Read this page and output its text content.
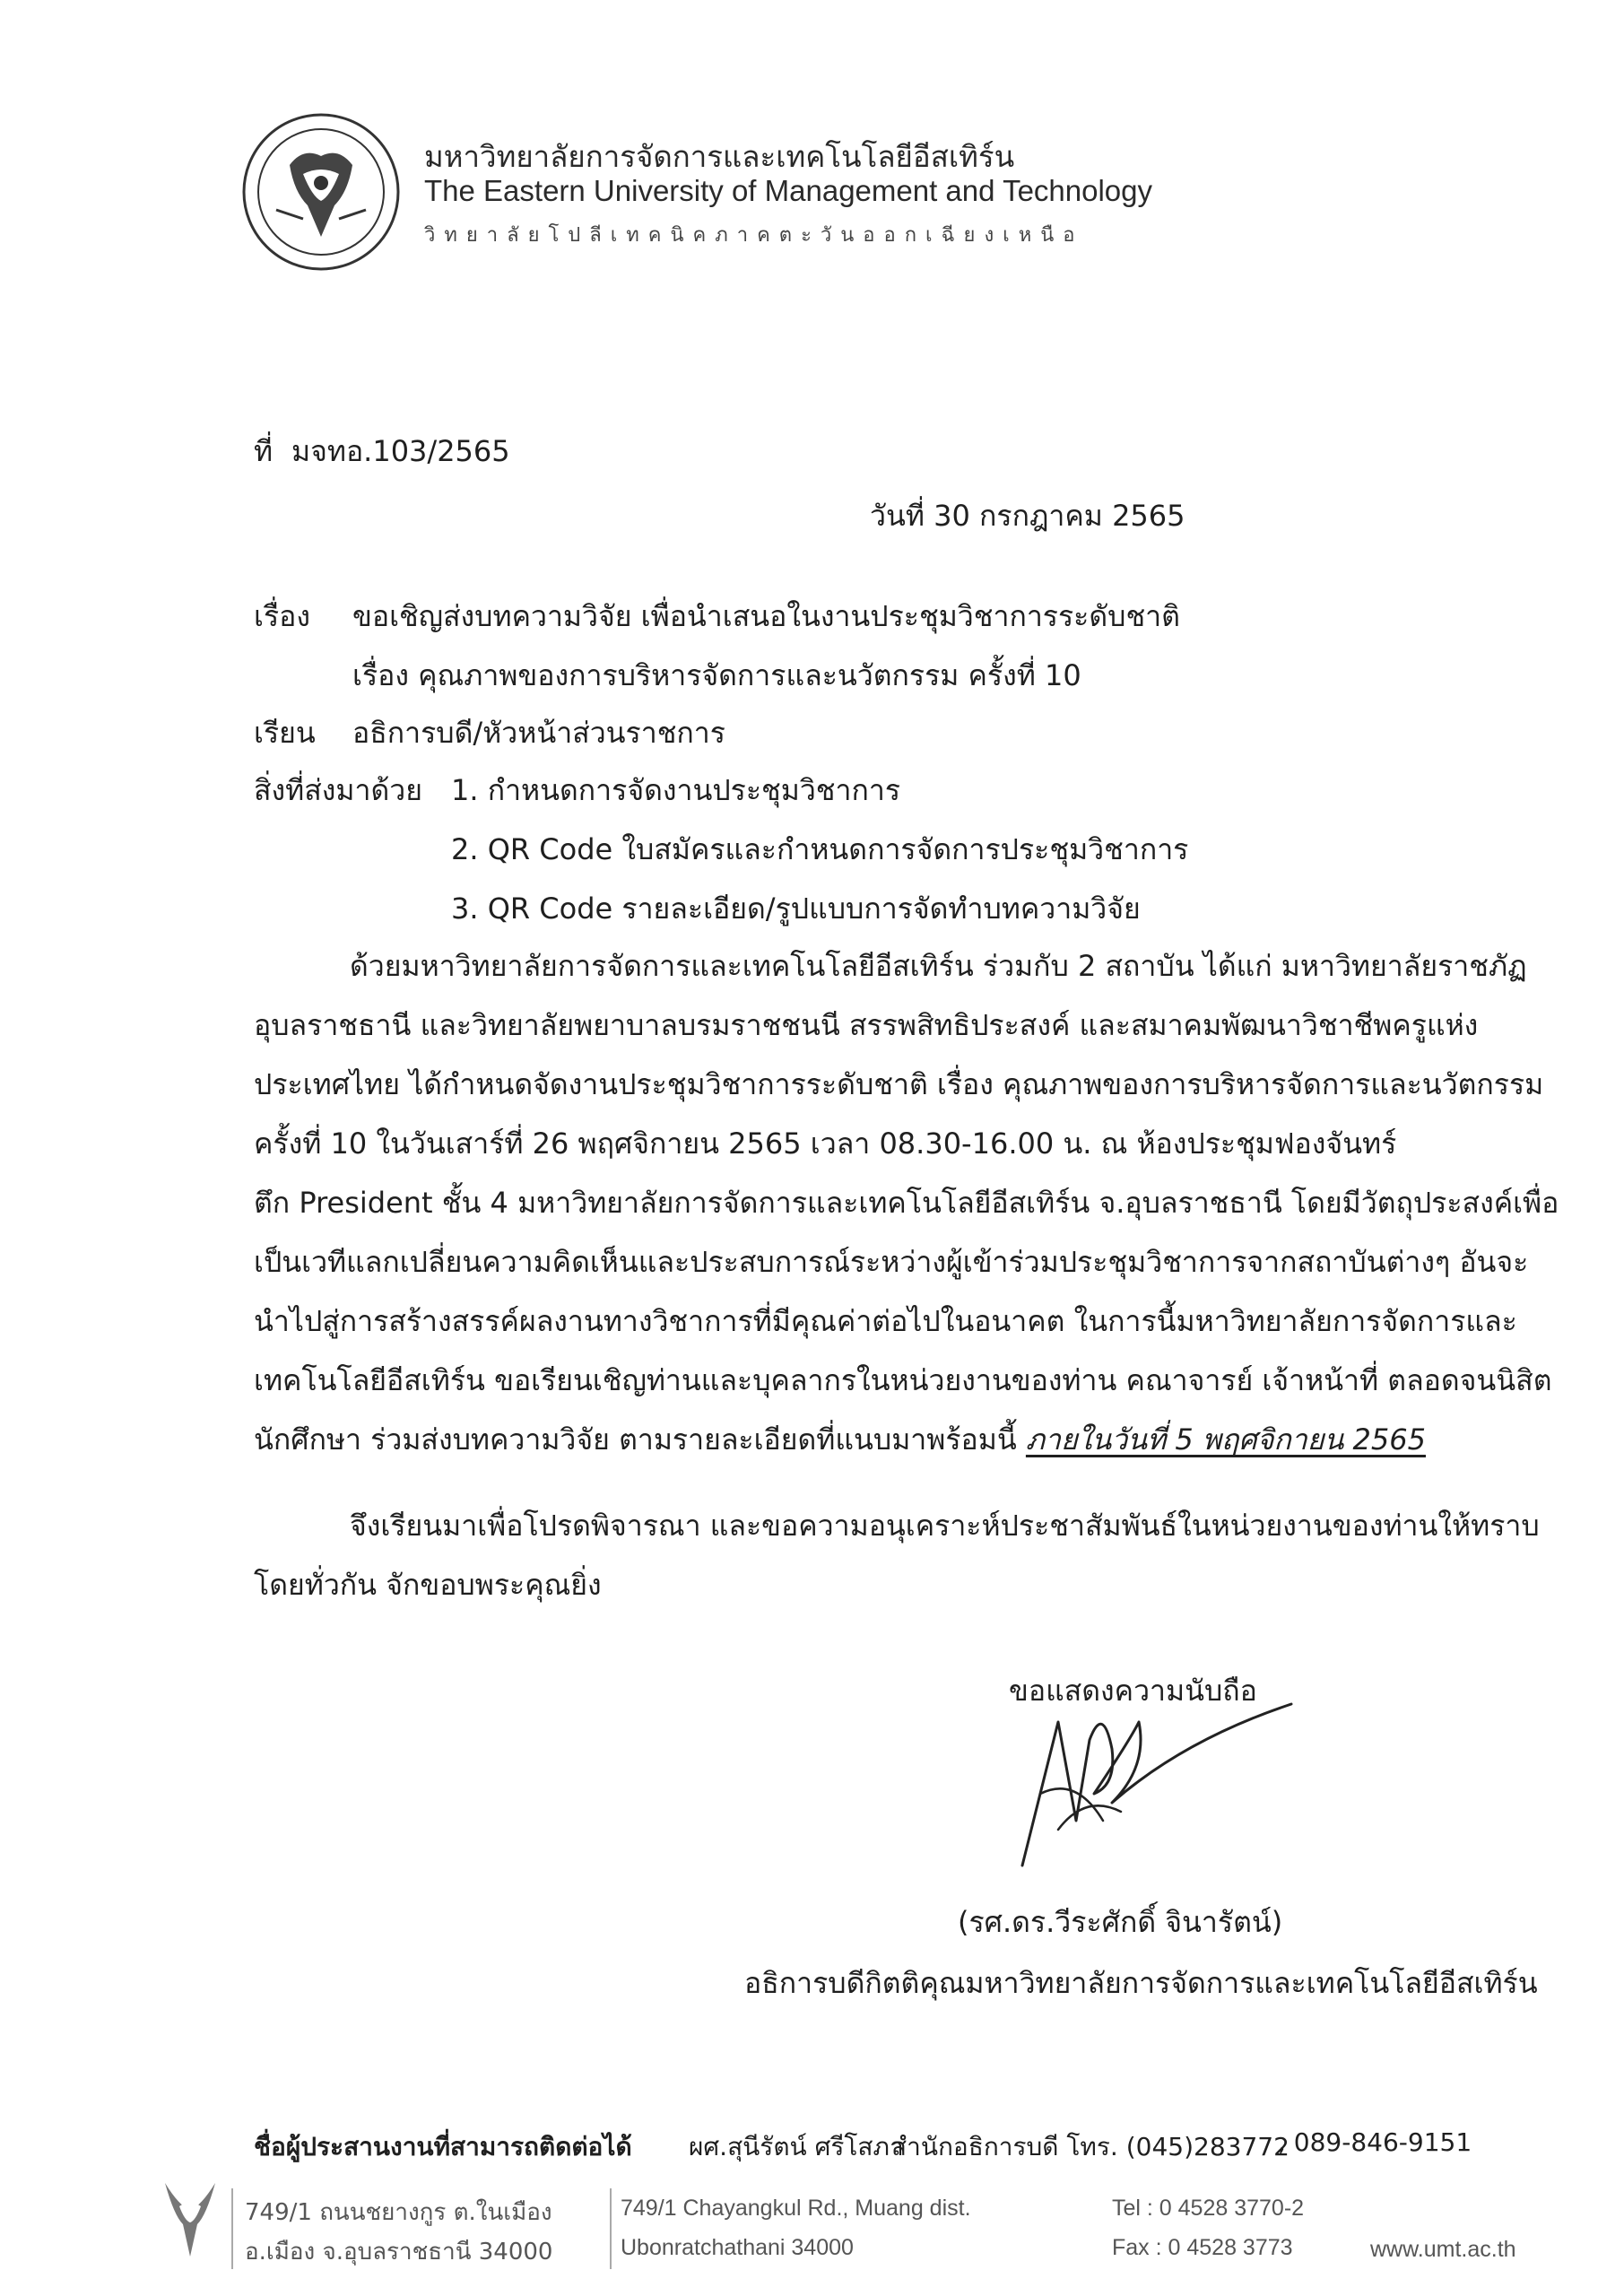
มหาวิทยาลัยการจัดการและเทคโนโลยีอีสเทิร์น
The Eastern University of Management and Technology
วิทยาลัยโปลีเทคนิคภาคตะวันออกเฉียงเหนือ
ที่ มจทอ.103/2565
วันที่ 30 กรกฎาคม 2565
เรื่อง ขอเชิญส่งบทความวิจัย เพื่อนำเสนอในงานประชุมวิชาการระดับชาติ
เรื่อง คุณภาพของการบริหารจัดการและนวัตกรรม ครั้งที่ 10
เรียน อธิการบดี/หัวหน้าส่วนราชการ
สิ่งที่ส่งมาด้วย 1. กำหนดการจัดงานประชุมวิชาการ
2. QR Code ใบสมัครและกำหนดการจัดการประชุมวิชาการ
3. QR Code รายละเอียด/รูปแบบการจัดทำบทความวิจัย
ด้วยมหาวิทยาลัยการจัดการและเทคโนโลยีอีสเทิร์น ร่วมกับ 2 สถาบัน ได้แก่ มหาวิทยาลัยราชภัฏ
อุบลราชธานี และวิทยาลัยพยาบาลบรมราชชนนี สรรพสิทธิประสงค์ และสมาคมพัฒนาวิชาชีพครูแห่ง
ประเทศไทย ได้กำหนดจัดงานประชุมวิชาการระดับชาติ เรื่อง คุณภาพของการบริหารจัดการและนวัตกรรม
ครั้งที่ 10 ในวันเสาร์ที่ 26 พฤศจิกายน 2565 เวลา 08.30-16.00 น. ณ ห้องประชุมฟองจันทร์
ตึก President ชั้น 4 มหาวิทยาลัยการจัดการและเทคโนโลยีอีสเทิร์น จ.อุบลราชธานี โดยมีวัตถุประสงค์เพื่อ
เป็นเวทีแลกเปลี่ยนความคิดเห็นและประสบการณ์ระหว่างผู้เข้าร่วมประชุมวิชาการจากสถาบันต่างๆ อันจะ
นำไปสู่การสร้างสรรค์ผลงานทางวิชาการที่มีคุณค่าต่อไปในอนาคต ในการนี้มหาวิทยาลัยการจัดการและ
เทคโนโลยีอีสเทิร์น ขอเรียนเชิญท่านและบุคลากรในหน่วยงานของท่าน คณาจารย์ เจ้าหน้าที่ ตลอดจนนิสิต
นักศึกษา ร่วมส่งบทความวิจัย ตามรายละเอียดที่แนบมาพร้อมนี้ ภายในวันที่ 5 พฤศจิกายน 2565
จึงเรียนมาเพื่อโปรดพิจารณา และขอความอนุเคราะห์ประชาสัมพันธ์ในหน่วยงานของท่านให้ทราบ
โดยทั่วกัน จักขอบพระคุณยิ่ง
ขอแสดงความนับถือ
(รศ.ดร.วีระศักดิ์ จินารัตน์)
อธิการบดีกิตติคุณมหาวิทยาลัยการจัดการและเทคโนโลยีอีสเทิร์น
ชื่อผู้ประสานงานที่สามารถติดต่อได้ ผศ.สุนีรัตน์ ศรีโสภา
สำนักอธิการบดี โทร. (045)283772
, 089-846-9151
749/1 ถนนชยางกูร ต.ในเมือง
อ.เมือง จ.อุบลราชธานี 34000
749/1 Chayangkul Rd., Muang dist.
Ubonratchathani 34000
Tel : 0 4528 3770-2
Fax : 0 4528 3773	www.umt.ac.th
